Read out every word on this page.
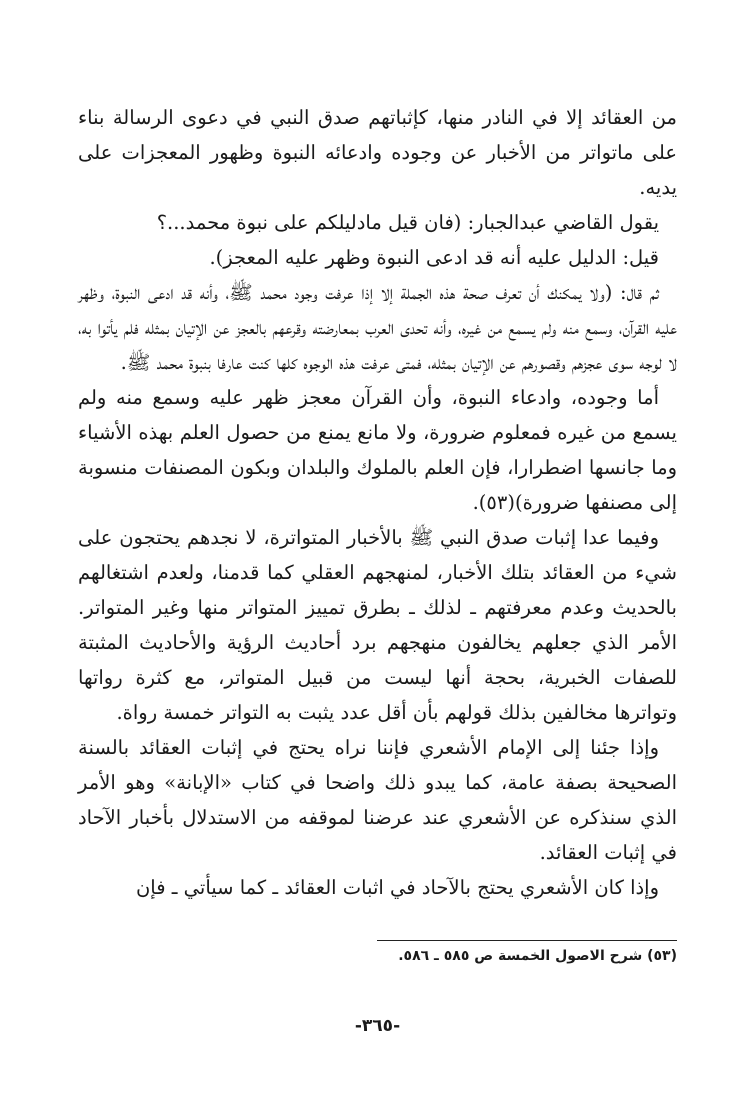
من العقائد إلا في النادر منها، كإثباتهم صدق النبي في دعوى الرسالة بناء على ماتواتر من الأخبار عن وجوده وادعائه النبوة وظهور المعجزات على يديه.

يقول القاضي عبدالجبار: (فان قيل مادليلكم على نبوة محمد...؟

قيل: الدليل عليه أنه قد ادعى النبوة وظهر عليه المعجز).

ثم قال: (ولا يمكنك أن تعرف صحة هذه الجملة إلا إذا عرفت وجود محمد ﷺ، وأنه قد ادعى النبوة، وظهر عليه القرآن، وسمع منه ولم يسمع من غيره، وأنه تحدى العرب بمعارضته وقرعهم بالعجز عن الإتيان بمثله فلم يأتوا به، لا لوجه سوى عجزهم وقصورهم عن الإتيان بمثله، فمتى عرفت هذه الوجوه كلها كنت عارفا بنبوة محمد ﷺ.

أما وجوده، وادعاء النبوة، وأن القرآن معجز ظهر عليه وسمع منه ولم يسمع من غيره فمعلوم ضرورة، ولا مانع يمنع من حصول العلم بهذه الأشياء وما جانسها اضطرارا، فإن العلم بالملوك والبلدان وبكون المصنفات منسوبة إلى مصنفها ضرورة)(٥٣).

وفيما عدا إثبات صدق النبي ﷺ بالأخبار المتواترة، لا نجدهم يحتجون على شيء من العقائد بتلك الأخبار، لمنهجهم العقلي كما قدمنا، ولعدم اشتغالهم بالحديث وعدم معرفتهم ـ لذلك ـ بطرق تمييز المتواتر منها وغير المتواتر. الأمر الذي جعلهم يخالفون منهجهم برد أحاديث الرؤية والأحاديث المثبتة للصفات الخبرية، بحجة أنها ليست من قبيل المتواتر، مع كثرة رواتها وتواترها مخالفين بذلك قولهم بأن أقل عدد يثبت به التواتر خمسة رواة.

وإذا جئنا إلى الإمام الأشعري فإننا نراه يحتج في إثبات العقائد بالسنة الصحيحة بصفة عامة، كما يبدو ذلك واضحا في كتاب «الإبانة» وهو الأمر الذي سنذكره عن الأشعري عند عرضنا لموقفه من الاستدلال بأخبار الآحاد في إثبات العقائد.

وإذا كان الأشعري يحتج بالآحاد في اثبات العقائد ـ كما سيأتي ـ فإن

(٥٣) شرح الاصول الخمسة ص ٥٨٥ ـ ٥٨٦.
-٣٦٥-
